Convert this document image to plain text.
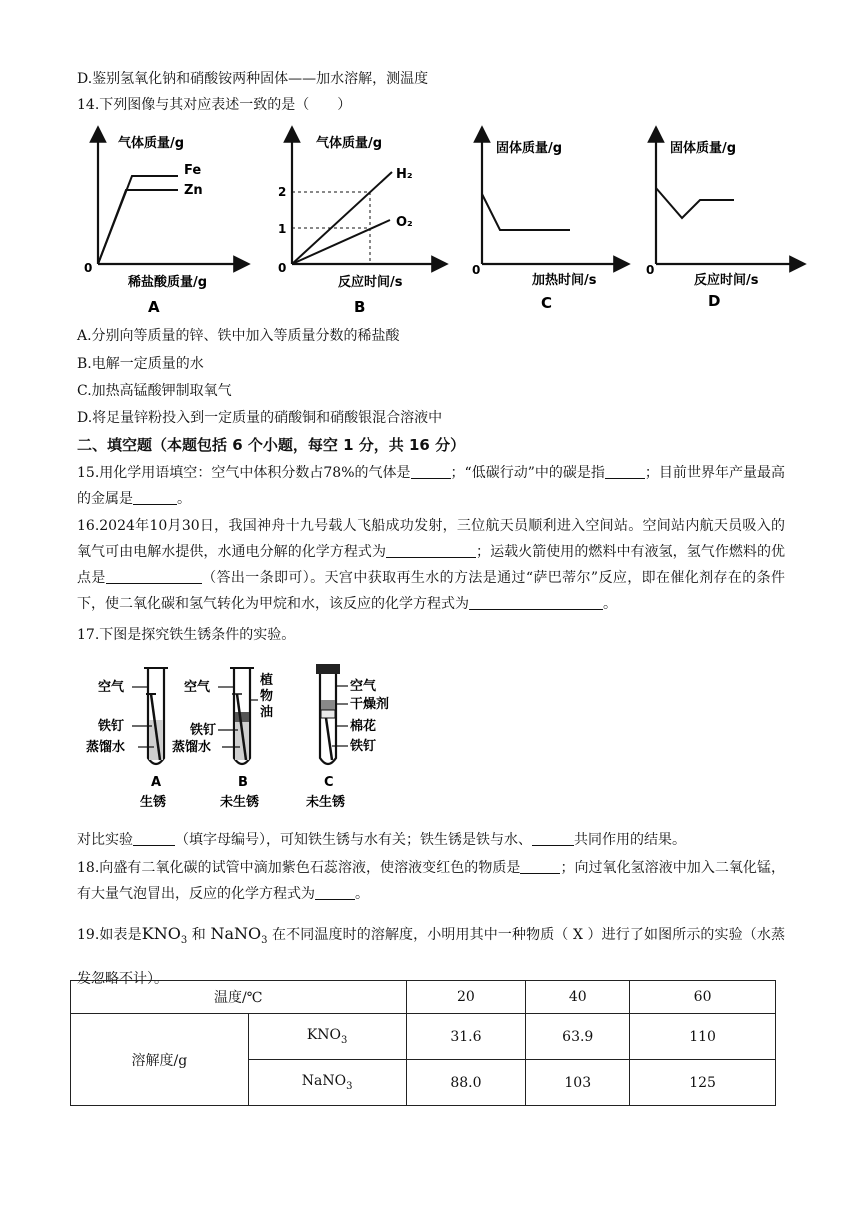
D.鉴别氢氧化钠和硝酸铵两种固体——加水溶解，测温度
14.下列图像与其对应表述一致的是（　　）
气体质量/g
0
稀盐酸质量/g
A
Fe
Zn
气体质量/g
0
反应时间/s
B
2
1
H₂
O₂
固体质量/g
0
加热时间/s
C
固体质量/g
0
反应时间/s
D
A.分别向等质量的锌、铁中加入等质量分数的稀盐酸
B.电解一定质量的水
C.加热高锰酸钾制取氧气
D.将足量锌粉投入到一定质量的硝酸铜和硝酸银混合溶液中
二、填空题（本题包括 6 个小题，每空 1 分，共 16 分）
15.用化学用语填空：空气中体积分数占78%的气体是	；“低碳行动”中的碳是指	；目前世界年产量最高的金属是	。
16.2024年10月30日，我国神舟十九号载人飞船成功发射，三位航天员顺利进入空间站。空间站内航天员吸入的氧气可由电解水提供，水通电分解的化学方程式为	；运载火箭使用的燃料中有液氢，氢气作燃料的优点是	（答出一条即可）。天宫中获取再生水的方法是通过“萨巴蒂尔”反应，即在催化剂存在的条件下，使二氧化碳和氢气转化为甲烷和水，该反应的化学方程式为	。
17.下图是探究铁生锈条件的实验。
空气
铁钉
蒸馏水
A
生锈
空气
铁钉
蒸馏水
植
物
油
B
未生锈
空气
干燥剂
棉花
铁钉
C
未生锈
对比实验	（填字母编号），可知铁生锈与水有关；铁生锈是铁与水、	共同作用的结果。
18.向盛有二氧化碳的试管中滴加紫色石蕊溶液，使溶液变红色的物质是	；向过氧化氢溶液中加入二氧化锰，有大量气泡冒出，反应的化学方程式为	。
19.如表是$KNO_3$ 和 NaNO$_3$ 在不同温度时的溶解度，小明用其中一种物质（ X ）进行了如图所示的实验（水蒸发忽略不计）。
温度/℃		20	40	60
溶解度/g	$KNO_3$	31.6	63.9	110
	NaNO$_3$	88.0	103	125
